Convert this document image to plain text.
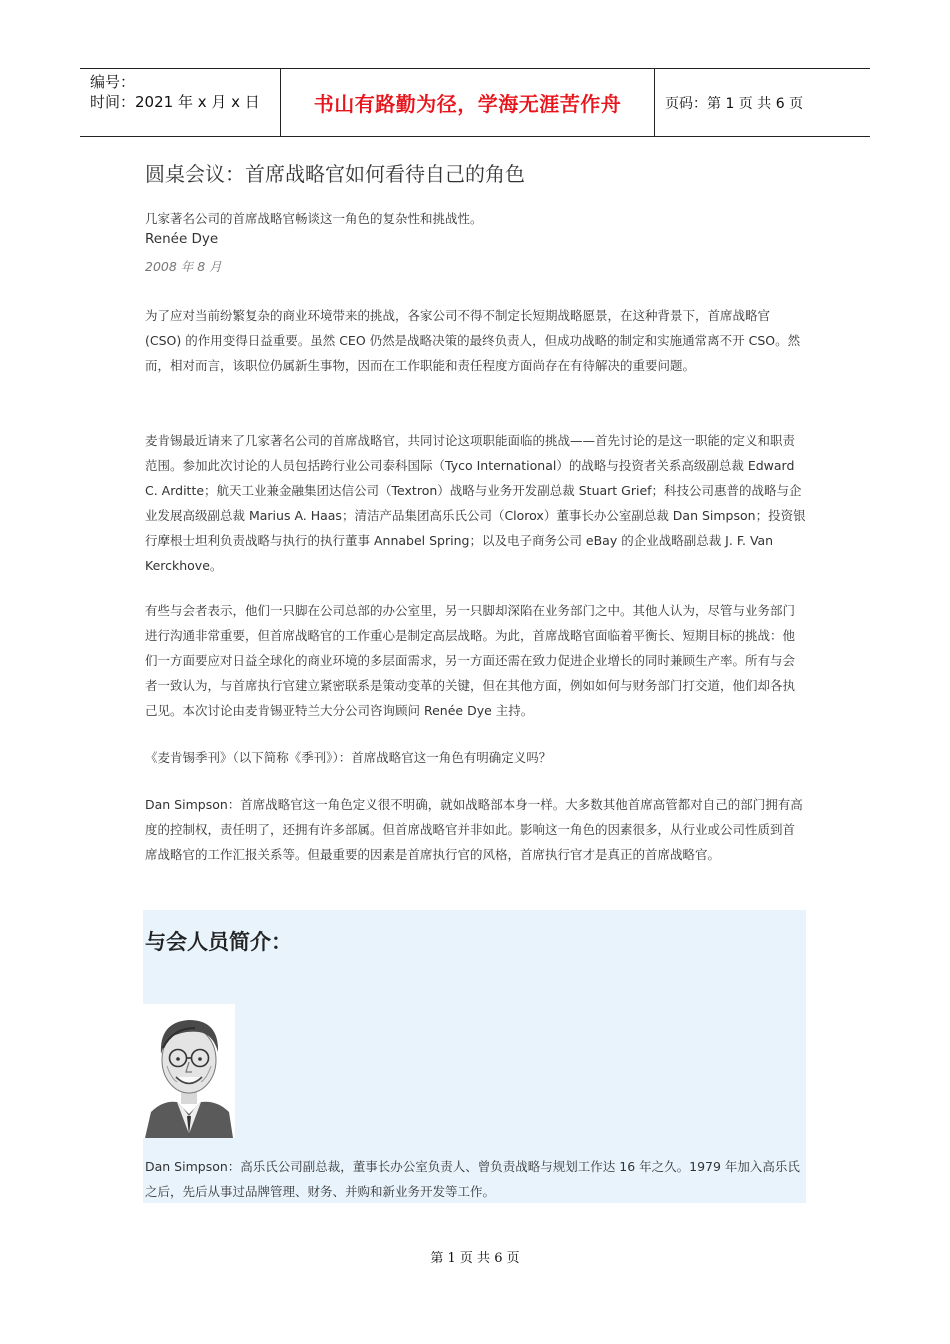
编号：
时间：2021 年 x 月 x 日	书山有路勤为径，学海无涯苦作舟	页码：第 1 页 共 6 页
圆桌会议：首席战略官如何看待自己的角色

几家著名公司的首席战略官畅谈这一角色的复杂性和挑战性。

Renée Dye
2008 年 8 月

为了应对当前纷繁复杂的商业环境带来的挑战，各家公司不得不制定长短期战略愿景，在这种背景下，首席战略官 (CSO) 的作用变得日益重要。虽然 CEO 仍然是战略决策的最终负责人，但成功战略的制定和实施通常离不开 CSO。然而，相对而言，该职位仍属新生事物，因而在工作职能和责任程度方面尚存在有待解决的重要问题。

麦肯锡最近请来了几家著名公司的首席战略官，共同讨论这项职能面临的挑战——首先讨论的是这一职能的定义和职责范围。参加此次讨论的人员包括跨行业公司泰科国际（Tyco International）的战略与投资者关系高级副总裁 Edward C. Arditte；航天工业兼金融集团达信公司（Textron）战略与业务开发副总裁 Stuart Grief；科技公司惠普的战略与企业发展高级副总裁 Marius A. Haas；清洁产品集团高乐氏公司（Clorox）董事长办公室副总裁 Dan Simpson；投资银行摩根士坦利负责战略与执行的执行董事 Annabel Spring；以及电子商务公司 eBay 的企业战略副总裁 J. F. Van Kerckhove。

有些与会者表示，他们一只脚在公司总部的办公室里，另一只脚却深陷在业务部门之中。其他人认为，尽管与业务部门进行沟通非常重要，但首席战略官的工作重心是制定高层战略。为此，首席战略官面临着平衡长、短期目标的挑战：他们一方面要应对日益全球化的商业环境的多层面需求，另一方面还需在致力促进企业增长的同时兼顾生产率。所有与会者一致认为，与首席执行官建立紧密联系是策动变革的关键，但在其他方面，例如如何与财务部门打交道，他们却各执己见。本次讨论由麦肯锡亚特兰大分公司咨询顾问 Renée Dye 主持。

《麦肯锡季刊》（以下简称《季刊》）：首席战略官这一角色有明确定义吗？

Dan Simpson：首席战略官这一角色定义很不明确，就如战略部本身一样。大多数其他首席高管都对自己的部门拥有高度的控制权，责任明了，还拥有许多部属。但首席战略官并非如此。影响这一角色的因素很多，从行业或公司性质到首席战略官的工作汇报关系等。但最重要的因素是首席执行官的风格，首席执行官才是真正的首席战略官。

与会人员简介：
Dan Simpson：高乐氏公司副总裁，董事长办公室负责人、曾负责战略与规划工作达 16 年之久。1979 年加入高乐氏之后，先后从事过品牌管理、财务、并购和新业务开发等工作。
第 1 页 共 6 页
